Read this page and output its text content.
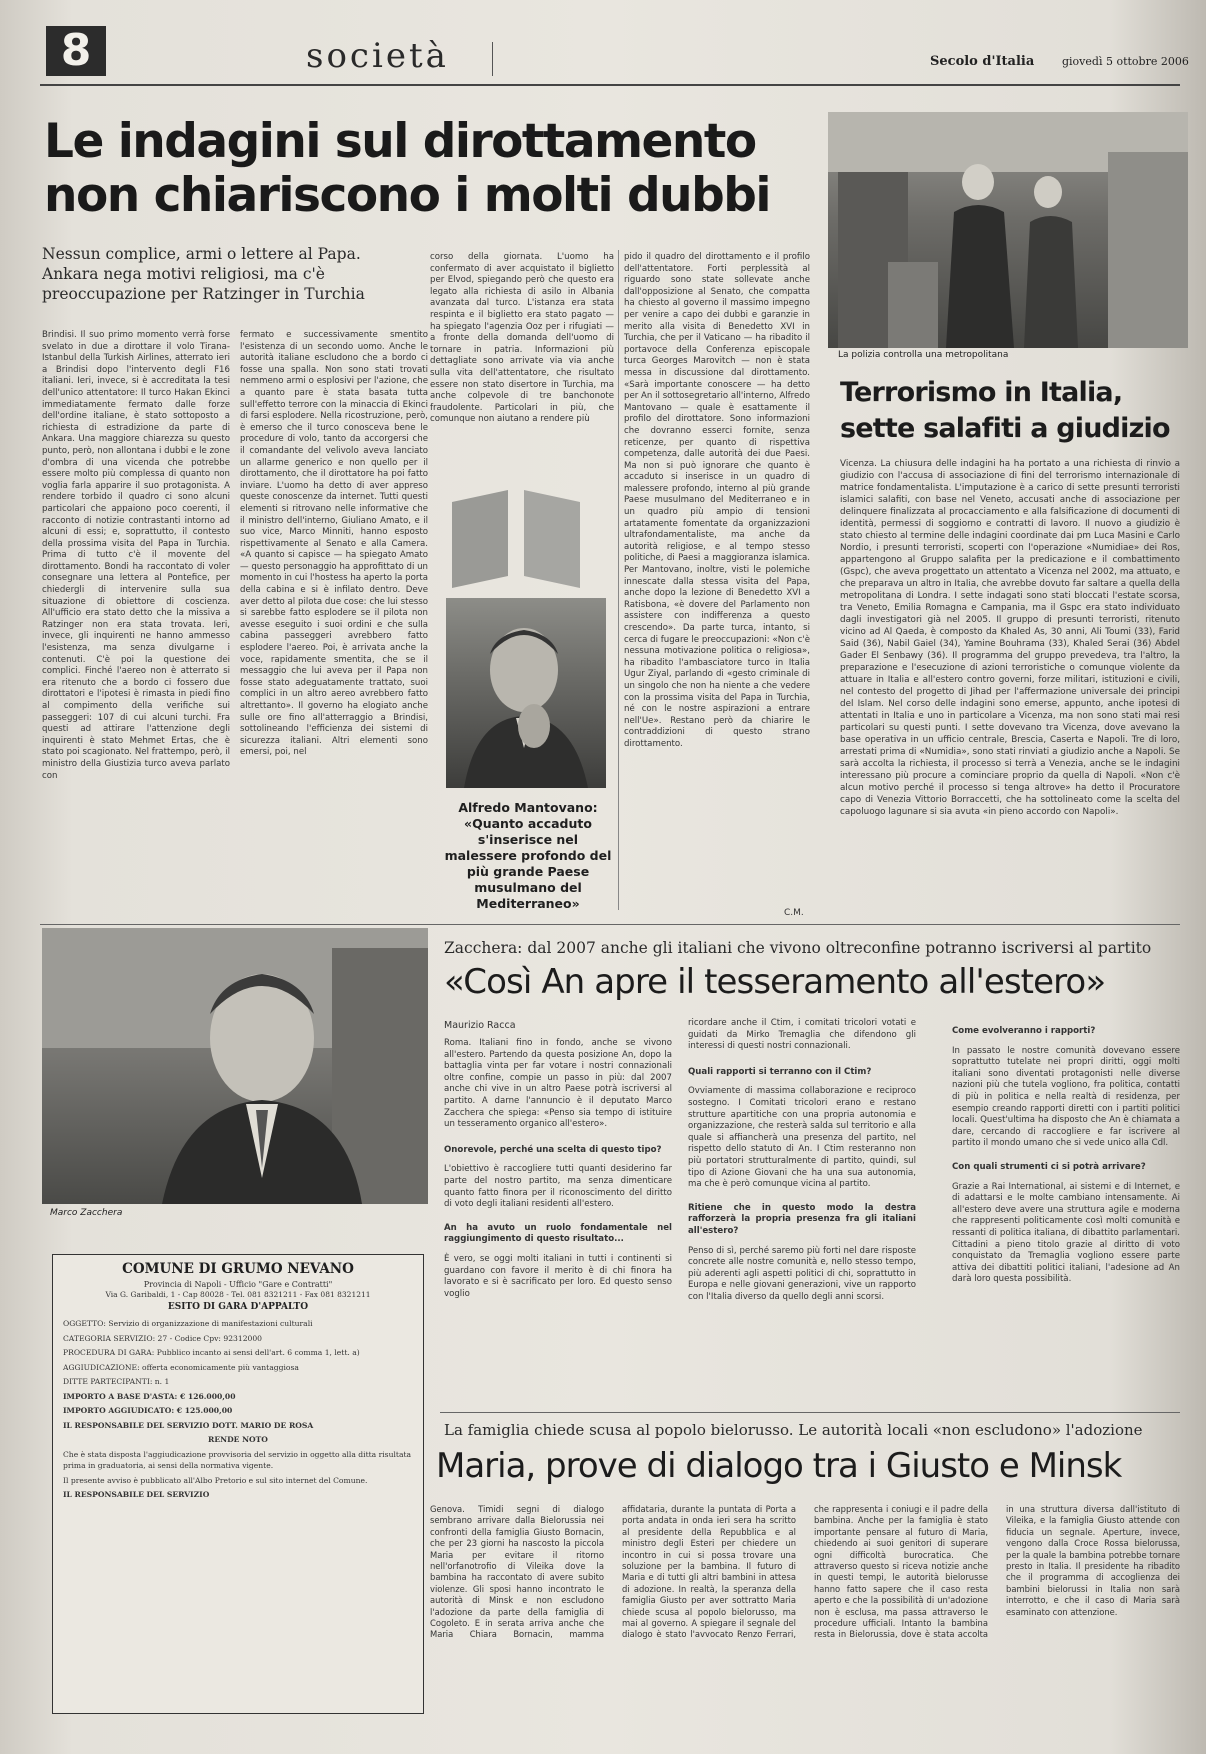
8	società	Secolo d'Italia	giovedì 5 ottobre 2006
Le indagini sul dirottamento
non chiariscono i molti dubbi
Nessun complice, armi o lettere al Papa. Ankara nega motivi religiosi, ma c'è preoccupazione per Ratzinger in Turchia
Brindisi. Il suo primo momento verrà forse svelato in due a dirottare il volo Tirana-Istanbul della Turkish Airlines, atterrato ieri a Brindisi dopo l'intervento degli F16 italiani. Ieri, invece, si è accreditata la tesi dell'unico attentatore: Il turco Hakan Ekinci immediatamente fermato dalle forze dell'ordine italiane, è stato sottoposto a richiesta di estradizione da parte di Ankara. Una maggiore chiarezza su questo punto, però, non allontana i dubbi e le zone d'ombra di una vicenda che potrebbe essere molto più complessa di quanto non voglia farla apparire il suo protagonista. A rendere torbido il quadro ci sono alcuni particolari che appaiono poco coerenti, il racconto di notizie contrastanti intorno ad alcuni di essi; e, soprattutto, il contesto della prossima visita del Papa in Turchia. Prima di tutto c'è il movente del dirottamento. Bondi ha raccontato di voler consegnare una lettera al Pontefice, per chiedergli di intervenire sulla sua situazione di obiettore di coscienza. All'ufficio era stato detto che la missiva a Ratzinger non era stata trovata. Ieri, invece, gli inquirenti ne hanno ammesso l'esistenza, ma senza divulgarne i contenuti. C'è poi la questione dei complici. Finché l'aereo non è atterrato si era ritenuto che a bordo ci fossero due dirottatori e l'ipotesi è rimasta in piedi fino al compimento della verifiche sui passeggeri: 107 di cui alcuni turchi. Fra questi ad attirare l'attenzione degli inquirenti è stato Mehmet Ertas, che è stato poi scagionato. Nel frattempo, però, il ministro della Giustizia turco aveva parlato con
fermato e successivamente smentito l'esistenza di un secondo uomo. Anche le autorità italiane escludono che a bordo ci fosse una spalla. Non sono stati trovati nemmeno armi o esplosivi per l'azione, che a quanto pare è stata basata tutta sull'effetto terrore con la minaccia di Ekinci di farsi esplodere. Nella ricostruzione, però, è emerso che il turco conosceva bene le procedure di volo, tanto da accorgersi che il comandante del velivolo aveva lanciato un allarme generico e non quello per il dirottamento, che il dirottatore ha poi fatto inviare. L'uomo ha detto di aver appreso queste conoscenze da internet. Tutti questi elementi si ritrovano nelle informative che il ministro dell'interno, Giuliano Amato, e il suo vice, Marco Minniti, hanno esposto rispettivamente al Senato e alla Camera. «A quanto si capisce — ha spiegato Amato — questo personaggio ha approfittato di un momento in cui l'hostess ha aperto la porta della cabina e si è infilato dentro. Deve aver detto al pilota due cose: che lui stesso si sarebbe fatto esplodere se il pilota non avesse eseguito i suoi ordini e che sulla cabina passeggeri avrebbero fatto esplodere l'aereo. Poi, è arrivata anche la voce, rapidamente smentita, che se il messaggio che lui aveva per il Papa non fosse stato adeguatamente trattato, suoi complici in un altro aereo avrebbero fatto altrettanto». Il governo ha elogiato anche sulle ore fino all'atterraggio a Brindisi, sottolineando l'efficienza dei sistemi di sicurezza italiani. Altri elementi sono emersi, poi, nel
corso della giornata. L'uomo ha confermato di aver acquistato il biglietto per Elvod, spiegando però che questo era legato alla richiesta di asilo in Albania avanzata dal turco. L'istanza era stata respinta e il biglietto era stato pagato — ha spiegato l'agenzia Ooz per i rifugiati — a fronte della domanda dell'uomo di tornare in patria. Informazioni più dettagliate sono arrivate via via anche sulla vita dell'attentatore, che risultato essere non stato disertore in Turchia, ma anche colpevole di tre banchonote fraudolente. Particolari in più, che comunque non aiutano a rendere più
pido il quadro del dirottamento e il profilo dell'attentatore. Forti perplessità al riguardo sono state sollevate anche dall'opposizione al Senato, che compatta ha chiesto al governo il massimo impegno per venire a capo dei dubbi e garanzie in merito alla visita di Benedetto XVI in Turchia, che per il Vaticano — ha ribadito il portavoce della Conferenza episcopale turca Georges Marovitch — non è stata messa in discussione dal dirottamento. «Sarà importante conoscere — ha detto per An il sottosegretario all'interno, Alfredo Mantovano — quale è esattamente il profilo del dirottatore. Sono informazioni che dovranno esserci fornite, senza reticenze, per quanto di rispettiva competenza, dalle autorità dei due Paesi. Ma non si può ignorare che quanto è accaduto si inserisce in un quadro di malessere profondo, interno al più grande Paese musulmano del Mediterraneo e in un quadro più ampio di tensioni artatamente fomentate da organizzazioni ultrafondamentaliste, ma anche da autorità religiose, e al tempo stesso politiche, di Paesi a maggioranza islamica. Per Mantovano, inoltre, visti le polemiche innescate dalla stessa visita del Papa, anche dopo la lezione di Benedetto XVI a Ratisbona, «è dovere del Parlamento non assistere con indifferenza a questo crescendo». Da parte turca, intanto, si cerca di fugare le preoccupazioni: «Non c'è nessuna motivazione politica o religiosa», ha ribadito l'ambasciatore turco in Italia Ugur Ziyal, parlando di «gesto criminale di un singolo che non ha niente a che vedere con la prossima visita del Papa in Turchia, né con le nostre aspirazioni a entrare nell'Ue». Restano però da chiarire le contraddizioni di questo strano dirottamento.
C.M.
Alfredo Mantovano:
«Quanto accaduto s'inserisce nel malessere profondo del più grande Paese musulmano del Mediterraneo»
La polizia controlla una metropolitana
Terrorismo in Italia,
sette salafiti a giudizio
Vicenza. La chiusura delle indagini ha ha portato a una richiesta di rinvio a giudizio con l'accusa di associazione di fini del terrorismo internazionale di matrice fondamentalista. L'imputazione è a carico di sette presunti terroristi islamici salafiti, con base nel Veneto, accusati anche di associazione per delinquere finalizzata al procacciamento e alla falsificazione di documenti di identità, permessi di soggiorno e contratti di lavoro. Il nuovo a giudizio è stato chiesto al termine delle indagini coordinate dai pm Luca Masini e Carlo Nordio, i presunti terroristi, scoperti con l'operazione «Numidiae» dei Ros, appartengono al Gruppo salafita per la predicazione e il combattimento (Gspc), che aveva progettato un attentato a Vicenza nel 2002, ma attuato, e che preparava un altro in Italia, che avrebbe dovuto far saltare a quella della metropolitana di Londra. I sette indagati sono stati bloccati l'estate scorsa, tra Veneto, Emilia Romagna e Campania, ma il Gspc era stato individuato dagli investigatori già nel 2005. Il gruppo di presunti terroristi, ritenuto vicino ad Al Qaeda, è composto da Khaled As, 30 anni, Ali Toumi (33), Farid Said (36), Nabil Gaiel (34), Yamine Bouhrama (33), Khaled Serai (36) Abdel Gader El Senbawy (36). Il programma del gruppo prevedeva, tra l'altro, la preparazione e l'esecuzione di azioni terroristiche o comunque violente da attuare in Italia e all'estero contro governi, forze militari, istituzioni e civili, nel contesto del progetto di Jihad per l'affermazione universale dei principi del Islam. Nel corso delle indagini sono emerse, appunto, anche ipotesi di attentati in Italia e uno in particolare a Vicenza, ma non sono stati mai resi particolari su questi punti. I sette dovevano tra Vicenza, dove avevano la base operativa in un ufficio centrale, Brescia, Caserta e Napoli. Tre di loro, arrestati prima di «Numidia», sono stati rinviati a giudizio anche a Napoli. Se sarà accolta la richiesta, il processo si terrà a Venezia, anche se le indagini interessano più procure a cominciare proprio da quella di Napoli. «Non c'è alcun motivo perché il processo si tenga altrove» ha detto il Procuratore capo di Venezia Vittorio Borraccetti, che ha sottolineato come la scelta del capoluogo lagunare si sia avuta «in pieno accordo con Napoli».
Marco Zacchera
Zacchera: dal 2007 anche gli italiani che vivono oltreconfine potranno iscriversi al partito
«Così An apre il tesseramento all'estero»
Maurizio Racca

Roma. Italiani fino in fondo, anche se vivono all'estero. Partendo da questa posizione An, dopo la battaglia vinta per far votare i nostri connazionali oltre confine, compie un passo in più: dal 2007 anche chi vive in un altro Paese potrà iscriversi al partito. A darne l'annuncio è il deputato Marco Zacchera che spiega: «Penso sia tempo di istituire un tesseramento organico all'estero».

Onorevole, perché una scelta di questo tipo?

L'obiettivo è raccogliere tutti quanti desiderino far parte del nostro partito, ma senza dimenticare quanto fatto finora per il riconoscimento del diritto di voto degli italiani residenti all'estero.

An ha avuto un ruolo fondamentale nel raggiungimento di questo risultato...

È vero, se oggi molti italiani in tutti i continenti si guardano con favore il merito è di chi finora ha lavorato e si è sacrificato per loro. Ed questo senso voglio

ricordare anche il Ctim, i comitati tricolori votati e guidati da Mirko Tremaglia che difendono gli interessi di questi nostri connazionali.

Quali rapporti si terranno con il Ctim?

Ovviamente di massima collaborazione e reciproco sostegno. I Comitati tricolori erano e restano strutture apartitiche con una propria autonomia e organizzazione, che resterà salda sul territorio e alla quale si affiancherà una presenza del partito, nel rispetto dello statuto di An. I Ctim resteranno non più portatori strutturalmente di partito, quindi, sul tipo di Azione Giovani che ha una sua autonomia, ma che è però comunque vicina al partito.

Ritiene che in questo modo la destra rafforzerà la propria presenza fra gli italiani all'estero?

Penso di sì, perché saremo più forti nel dare risposte concrete alle nostre comunità e, nello stesso tempo, più aderenti agli aspetti politici di chi, soprattutto in Europa e nelle giovani generazioni, vive un rapporto con l'Italia diverso da quello degli anni scorsi.

Come evolveranno i rapporti?

In passato le nostre comunità dovevano essere soprattutto tutelate nei propri diritti, oggi molti italiani sono diventati protagonisti nelle diverse nazioni più che tutela vogliono, fra politica, contatti di più in politica e nella realtà di residenza, per esempio creando rapporti diretti con i partiti politici locali. Quest'ultima ha disposto che An è chiamata a dare, cercando di raccogliere e far iscrivere al partito il mondo umano che si vede unico alla Cdl.

Con quali strumenti ci si potrà arrivare?

Grazie a Rai International, ai sistemi e di Internet, e di adattarsi e le molte cambiano intensamente. Ai all'estero deve avere una struttura agile e moderna che rappresenti politicamente così molti comunità e ressanti di politica italiana, di dibattito parlamentari. Cittadini a pieno titolo grazie al diritto di voto conquistato da Tremaglia vogliono essere parte attiva dei dibattiti politici italiani, l'adesione ad An darà loro questa possibilità.

COMUNE DI GRUMO NEVANO
Provincia di Napoli - Ufficio "Gare e Contratti"
Via G. Garibaldi, 1 - Cap 80028 - Tel. 081 8321211 - Fax 081 8321211
ESITO DI GARA D'APPALTO
OGGETTO: Servizio di organizzazione di manifestazioni culturali
CATEGORIA SERVIZIO: 27 - Codice Cpv: 92312000
PROCEDURA DI GARA: Pubblico incanto ai sensi dell'art. 6 comma 1, lett. a)
AGGIUDICAZIONE: offerta economicamente più vantaggiosa
DITTE PARTECIPANTI: n. 1
IMPORTO A BASE D'ASTA: € 126.000,00
IMPORTO AGGIUDICATO: € 125.000,00
IL RESPONSABILE DEL SERVIZIO DOTT. MARIO DE ROSA
RENDE NOTO
Che è stata disposta l'aggiudicazione provvisoria del servizio in oggetto alla ditta risultata prima in graduatoria, ai sensi della normativa vigente.
Il presente avviso è pubblicato all'Albo Pretorio e sul sito internet del Comune.
IL RESPONSABILE DEL SERVIZIO
La famiglia chiede scusa al popolo bielorusso. Le autorità locali «non escludono» l'adozione
Maria, prove di dialogo tra i Giusto e Minsk
Genova. Timidi segni di dialogo sembrano arrivare dalla Bielorussia nei confronti della famiglia Giusto Bornacin, che per 23 giorni ha nascosto la piccola Maria per evitare il ritorno nell'orfanotrofio di Vileika dove la bambina ha raccontato di avere subito violenze. Gli sposi hanno incontrato le autorità di Minsk e non escludono l'adozione da parte della famiglia di Cogoleto. E in serata arriva anche che Maria Chiara Bornacin, mamma affidataria, durante la puntata di Porta a porta andata in onda ieri sera ha scritto al presidente della Repubblica e al ministro degli Esteri per chiedere un incontro in cui si possa trovare una soluzione per la bambina. Il futuro di Maria e di tutti gli altri bambini in attesa di adozione. In realtà, la speranza della famiglia Giusto per aver sottratto Maria chiede scusa al popolo bielorusso, ma mai al governo. A spiegare il segnale del dialogo è stato l'avvocato Renzo Ferrari, che rappresenta i coniugi e il padre della bambina. Anche per la famiglia è stato importante pensare al futuro di Maria, chiedendo ai suoi genitori di superare ogni difficoltà burocratica. Che attraverso questo si riceva notizie anche in questi tempi, le autorità bielorusse hanno fatto sapere che il caso resta aperto e che la possibilità di un'adozione non è esclusa, ma passa attraverso le procedure ufficiali. Intanto la bambina resta in Bielorussia, dove è stata accolta in una struttura diversa dall'istituto di Vileika, e la famiglia Giusto attende con fiducia un segnale. Aperture, invece, vengono dalla Croce Rossa bielorussa, per la quale la bambina potrebbe tornare presto in Italia. Il presidente ha ribadito che il programma di accoglienza dei bambini bielorussi in Italia non sarà interrotto, e che il caso di Maria sarà esaminato con attenzione.
